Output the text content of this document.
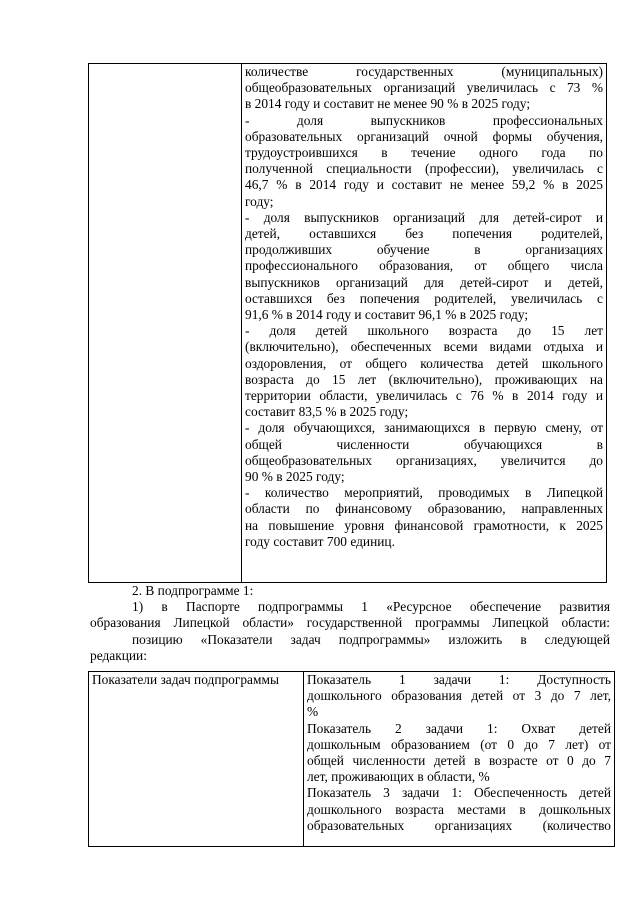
количестве государственных (муниципальных)
общеобразовательных организаций увеличилась с 73 %
в 2014 году и составит не менее 90 % в 2025 году;
- доля выпускников профессиональных
образовательных организаций очной формы обучения,
трудоустроившихся в течение одного года по
полученной специальности (профессии), увеличилась с
46,7 % в 2014 году и составит не менее 59,2 % в 2025
году;
- доля выпускников организаций для детей-сирот и
детей, оставшихся без попечения родителей,
продолживших обучение в организациях
профессионального образования, от общего числа
выпускников организаций для детей-сирот и детей,
оставшихся без попечения родителей, увеличилась с
91,6 % в 2014 году и составит 96,1 % в 2025 году;
- доля детей школьного возраста до 15 лет
(включительно), обеспеченных всеми видами отдыха и
оздоровления, от общего количества детей школьного
возраста до 15 лет (включительно), проживающих на
территории области, увеличилась с 76 % в 2014 году и
составит 83,5 % в 2025 году;
- доля обучающихся, занимающихся в первую смену, от
общей численности обучающихся в
общеобразовательных организациях, увеличится до
90 % в 2025 году;
- количество мероприятий, проводимых в Липецкой
области по финансовому образованию, направленных
на повышение уровня финансовой грамотности, к 2025
году составит 700 единиц.
2. В подпрограмме 1:
1) в Паспорте подпрограммы 1 «Ресурсное обеспечение развития
образования Липецкой области» государственной программы Липецкой области:
позицию «Показатели задач подпрограммы» изложить в следующей
редакции:
Показатели задач подпрограммы	Показатель 1 задачи 1: Доступность
дошкольного образования детей от 3 до 7 лет,
%
Показатель 2 задачи 1: Охват детей
дошкольным образованием (от 0 до 7 лет) от
общей численности детей в возрасте от 0 до 7
лет, проживающих в области, %
Показатель 3 задачи 1: Обеспеченность детей
дошкольного возраста местами в дошкольных
образовательных организациях (количество
